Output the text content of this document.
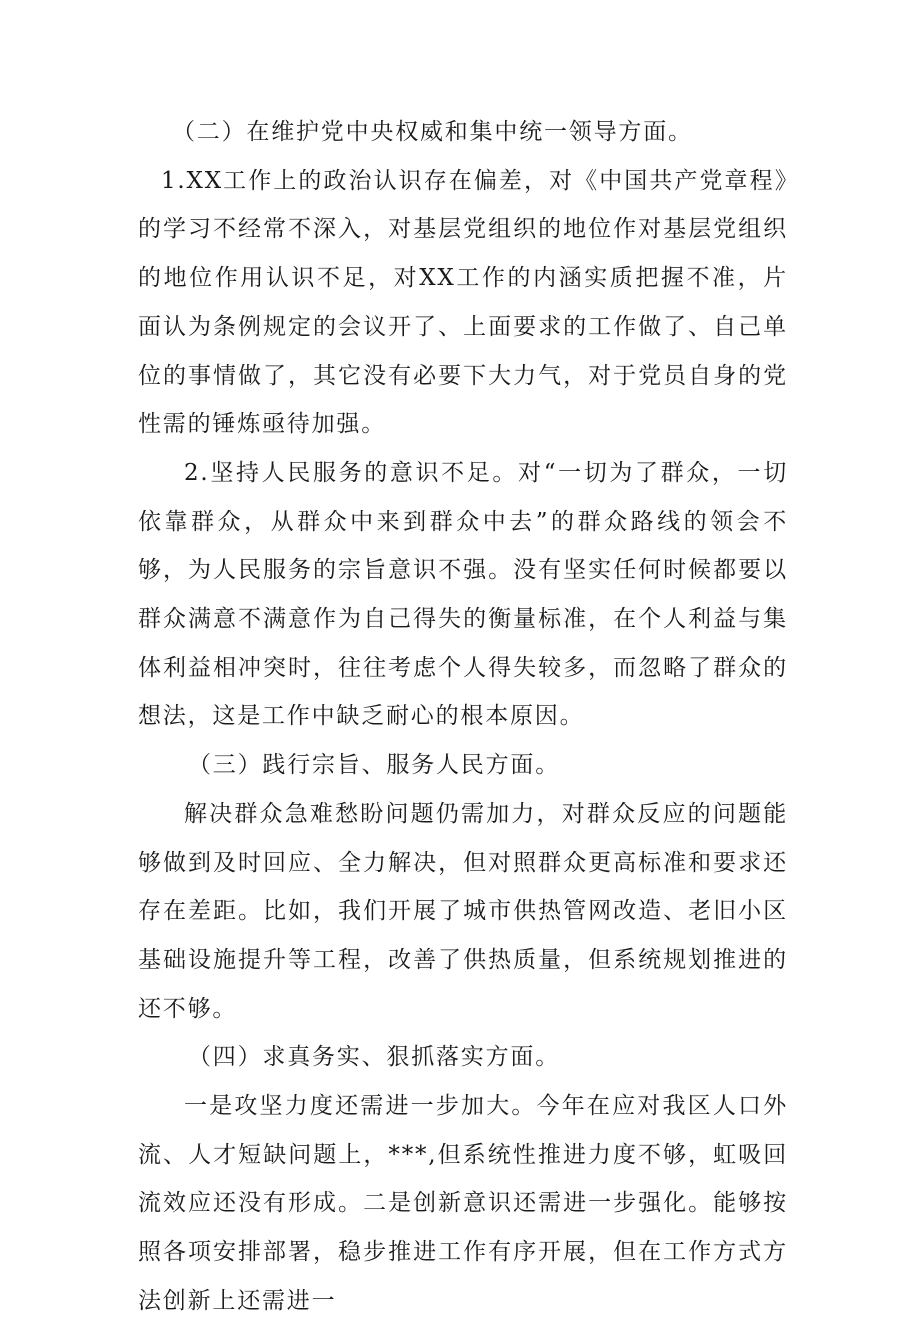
（二）在维护党中央权威和集中统一领导方面。

1.XX工作上的政治认识存在偏差，对《中国共产党章程》的学习不经常不深入，对基层党组织的地位作对基层党组织的地位作用认识不足，对XX工作的内涵实质把握不准，片面认为条例规定的会议开了、上面要求的工作做了、自己单位的事情做了，其它没有必要下大力气，对于党员自身的党性需的锤炼亟待加强。

2.坚持人民服务的意识不足。对“一切为了群众，一切依靠群众，从群众中来到群众中去”的群众路线的领会不够，为人民服务的宗旨意识不强。没有坚实任何时候都要以群众满意不满意作为自己得失的衡量标准，在个人利益与集体利益相冲突时，往往考虑个人得失较多，而忽略了群众的想法，这是工作中缺乏耐心的根本原因。

（三）践行宗旨、服务人民方面。

解决群众急难愁盼问题仍需加力，对群众反应的问题能够做到及时回应、全力解决，但对照群众更高标准和要求还存在差距。比如，我们开展了城市供热管网改造、老旧小区基础设施提升等工程，改善了供热质量，但系统规划推进的还不够。

（四）求真务实、狠抓落实方面。

一是攻坚力度还需进一步加大。今年在应对我区人口外流、人才短缺问题上，***,但系统性推进力度不够，虹吸回流效应还没有形成。二是创新意识还需进一步强化。能够按照各项安排部署，稳步推进工作有序开展，但在工作方式方法创新上还需进一
